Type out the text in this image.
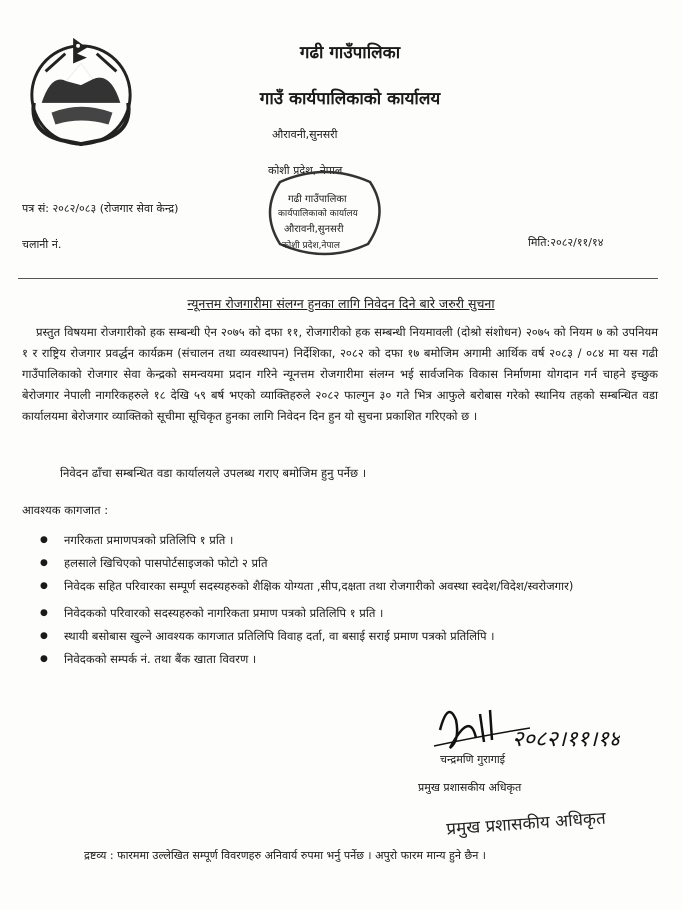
गढी गाउँपालिका
गाउँ कार्यपालिकाको कार्यालय
औरावनी,सुनसरी
कोशी प्रदेश, नेपाल
गढी गाउँपालिका
कार्यपालिकाको कार्यालय
औरावनी,सुनसरी
कोशी प्रदेश,नेपाल
पत्र सं: २०८२/०८३ (रोजगार सेवा केन्द्र)
चलानी नं.	मिति:२०८२/११/१४
न्यूनत्तम रोजगारीमा संलग्न हुनका लागि निवेदन दिने बारे जरुरी सुचना
प्रस्तुत विषयमा रोजगारीको हक सम्बन्धी ऐन २०७५ को दफा ११, रोजगारीको हक सम्बन्धी नियमावली (दोश्रो संशोधन) २०७५ को नियम ७ को उपनियम १ र राष्ट्रिय रोजगार प्रवर्द्धन कार्यक्रम (संचालन तथा व्यवस्थापन) निर्देशिका, २०८२ को दफा १७ बमोजिम अगामी आर्थिक वर्ष २०८३ / ०८४ मा यस गढी गाउँपालिकाको रोजगार सेवा केन्द्रको समन्वयमा प्रदान गरिने न्यूनत्तम रोजगारीमा संलग्न भई सार्वजनिक विकास निर्माणमा योगदान गर्न चाहने इच्छुक बेरोजगार नेपाली नागरिकहरुले १८ देखि ५९ बर्ष भएको व्याक्तिहरुले २०८२ फाल्गुन ३० गते भित्र आफुले बरोबास गरेको स्थानिय तहको सम्बन्धित वडा कार्यालयमा बेरोजगार व्याक्तिको सूचीमा सूचिकृत हुनका लागि निवेदन दिन हुन यो सुचना प्रकाशित गरिएको छ ।
निवेदन ढाँचा सम्बन्धित वडा कार्यालयले उपलब्ध गराए बमोजिम हुनु पर्नेछ ।
आवश्यक कागजात :
● नगरिकता प्रमाणपत्रको प्रतिलिपि १ प्रति ।
● हलसाले खिचिएको पासपोर्टसाइजको फोटो २ प्रति
● निवेदक सहित परिवारका सम्पूर्ण सदस्यहरुको शैक्षिक योग्यता ,सीप,दक्षता तथा रोजगारीको अवस्था स्वदेश/विदेश/स्वरोजगार)
● निवेदकको परिवारको सदस्यहरुको नागरिकता प्रमाण पत्रको प्रतिलिपि १ प्रति ।
● स्थायी बसोबास खुल्ने आवश्यक कागजात प्रतिलिपि विवाह दर्ता, वा बसाई सराई प्रमाण पत्रको प्रतिलिपि ।
● निवेदकको सम्पर्क नं. तथा बैंक खाता विवरण ।
२०८२।११।१४
चन्द्रमणि गुरागाई
प्रमुख प्रशासकीय अधिकृत
प्रमुख प्रशासकीय अधिकृत
द्रष्टव्य : फारममा उल्लेखित सम्पूर्ण विवरणहरु अनिवार्य रुपमा भर्नु पर्नेछ । अपुरो फारम मान्य हुने छैन ।
